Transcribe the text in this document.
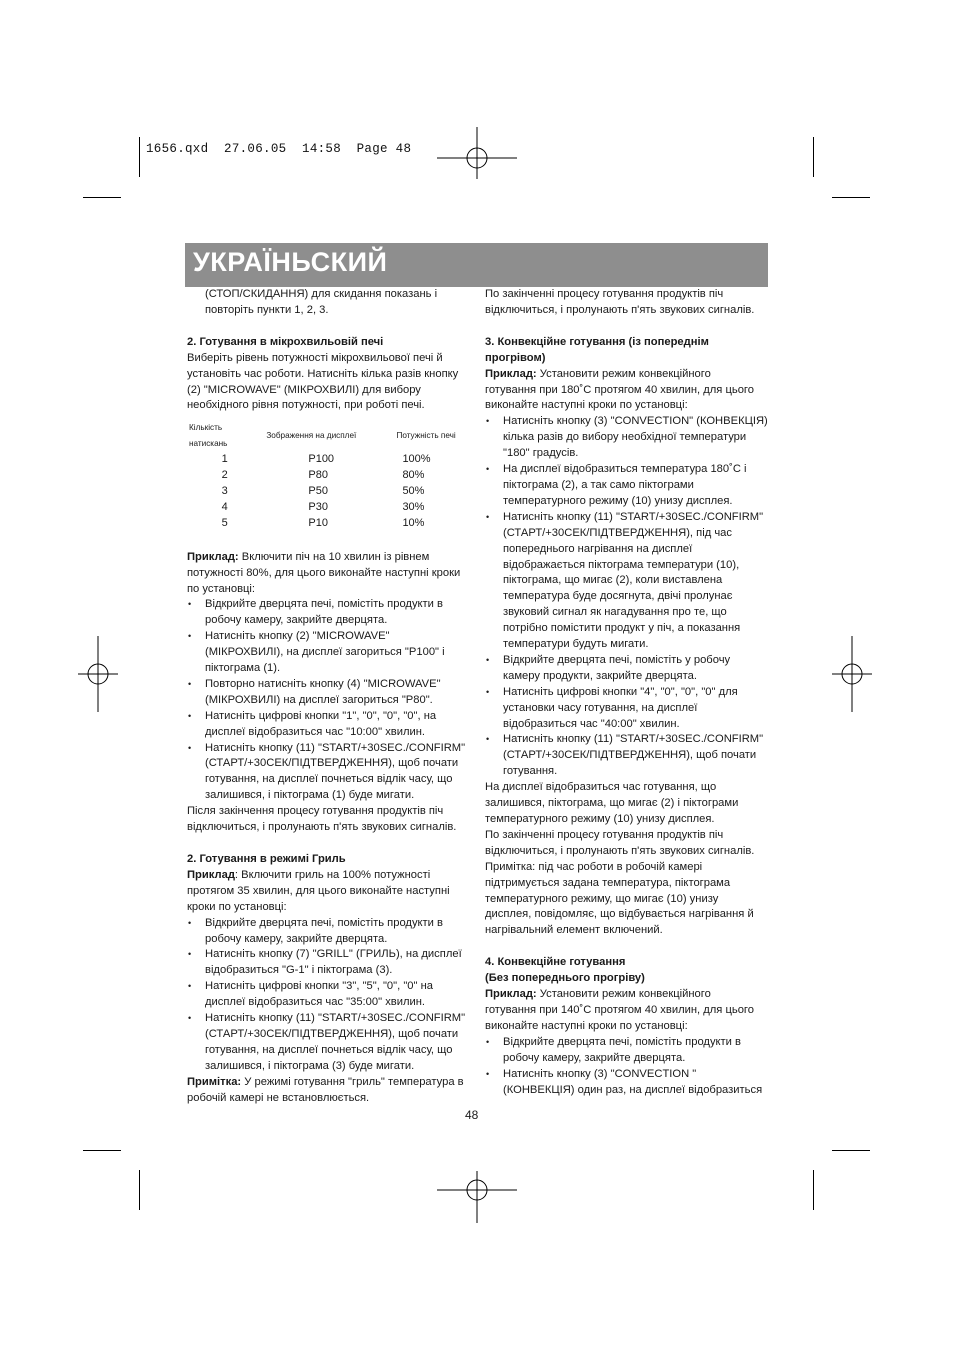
1656.qxd  27.06.05  14:58  Page 48
УКРАЇНЬСКИЙ

(СТОП/СКИДАННЯ) для скидання показань і

повторіть пункти 1, 2, 3.

2. Готування в мікрохвильовій печі

Виберіть рівень потужності мікрохвильової печі й

установіть час роботи. Натисніть кілька разів кнопку

(2) "MICROWAVE" (МІКРОХВИЛІ) для вибору

необхідного рівня потужності, при роботі печі.

Кількість натискань	Зображення на дисплеї	Потужність печі
1	P100	100%
2	P80	80%
3	P50	50%
4	P30	30%
5	P10	10%

Приклад: Включити піч на 10 хвилин із рівнем

потужності 80%, для цього виконайте наступні кроки

по установці:

• Відкрийте дверцята печі, помістіть продукти в
робочу камеру, закрийте дверцята.
• Натисніть кнопку (2) "MICROWAVE"
(МІКРОХВИЛІ), на дисплеї загориться "P100" і
піктограма (1).
• Повторно натисніть кнопку (4) "MICROWAVE"
(МІКРОХВИЛІ) на дисплеї загориться "P80".
• Натисніть цифрові кнопки "1", "0", "0", "0", на
дисплеї відобразиться час "10:00" хвилин.
• Натисніть кнопку (11) "START/+30SEC./CONFIRM"
(СТАРТ/+30СЕК/ПІДТВЕРДЖЕННЯ), щоб почати
готування, на дисплеї почнеться відлік часу, що
залишився, і піктограма (1) буде мигати.

Після закінчення процесу готування продуктів піч

відключиться, і пролунають п'ять звукових сигналів.

2. Готування в режимі Гриль

Приклад: Включити гриль на 100% потужності

протягом 35 хвилин, для цього виконайте наступні

кроки по установці:

• Відкрийте дверцята печі, помістіть продукти в
робочу камеру, закрийте дверцята.
• Натисніть кнопку (7) "GRILL" (ГРИЛЬ), на дисплеї
відобразиться "G-1" і піктограма (3).
• Натисніть цифрові кнопки "3", "5", "0", "0" на
дисплеї відобразиться час "35:00" хвилин.
• Натисніть кнопку (11) "START/+30SEC./CONFIRM"
(СТАРТ/+30СЕК/ПІДТВЕРДЖЕННЯ), щоб почати
готування, на дисплеї почнеться відлік часу, що
залишився, і піктограма (3) буде мигати.

Примітка: У режимі готування "гриль" температура в

робочій камері не встановлюється.

По закінченні процесу готування продуктів піч

відключиться, і пролунають п'ять звукових сигналів.

3. Конвекційне готування (із попереднім

прогрівом)

Приклад: Установити режим конвекційного

готування при 180˚С протягом 40 хвилин, для цього

виконайте наступні кроки по установці:

• Натисніть кнопку (3) "CONVECTION" (КОНВЕКЦІЯ)
кілька разів до вибору необхідної температури
"180" градусів.
• На дисплеї відобразиться температура 180˚С і
піктограма (2), а так само піктограми
температурного режиму (10) унизу дисплея.
• Натисніть кнопку (11) "START/+30SEC./CONFIRM"
(СТАРТ/+30СЕК/ПІДТВЕРДЖЕННЯ), під час
попереднього нагрівання на дисплеї
відображається піктограма температури (10),
піктограма, що мигає (2), коли виставлена
температура буде досягнута, двічі пролунає
звуковий сигнал як нагадування про те, що
потрібно помістити продукт у піч, а показання
температури будуть мигати.
• Відкрийте дверцята печі, помістіть у робочу
камеру продукти, закрийте дверцята.
• Натисніть цифрові кнопки "4", "0", "0", "0" для
установки часу готування, на дисплеї
відобразиться час "40:00" хвилин.
• Натисніть кнопку (11) "START/+30SEC./CONFIRM"
(СТАРТ/+30СЕК/ПІДТВЕРДЖЕННЯ), щоб почати
готування.

На дисплеї відобразиться час готування, що

залишився, піктограма, що мигає (2) і піктограми

температурного режиму (10) унизу дисплея.

По закінченні процесу готування продуктів піч

відключиться, і пролунають п'ять звукових сигналів.

Примітка: під час роботи в робочій камері

підтримується задана температура, піктограма

температурного режиму, що мигає (10) унизу

дисплея, повідомляє, що відбувається нагрівання й

нагрівальний елемент включений.

4. Конвекційне готування

(Без попереднього прогріву)

Приклад: Установити режим конвекційного

готування при 140˚С протягом 40 хвилин, для цього

виконайте наступні кроки по установці:

• Відкрийте дверцята печі, помістіть продукти в
робочу камеру, закрийте дверцята.
• Натисніть кнопку (3) "CONVECTION "
(КОНВЕКЦІЯ) один раз, на дисплеї відобразиться
48
